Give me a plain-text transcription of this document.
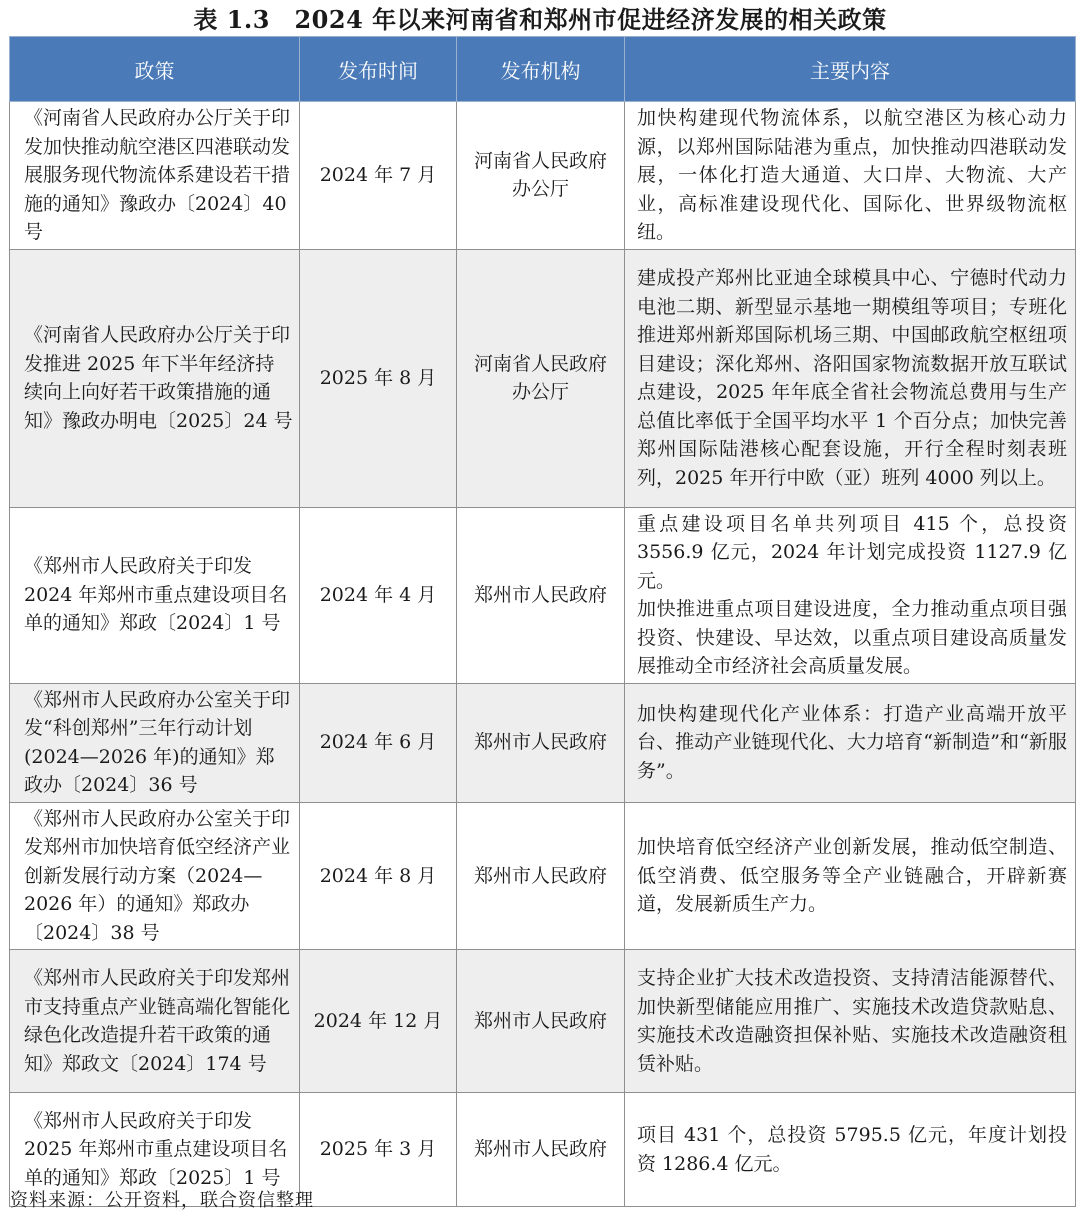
表 1.3　2024 年以来河南省和郑州市促进经济发展的相关政策
政策	发布时间	发布机构	主要内容
《河南省人民政府办公厅关于印发加快推动航空港区四港联动发展服务现代物流体系建设若干措施的通知》豫政办〔2024〕40 号	2024 年 7 月	河南省人民政府办公厅	加快构建现代物流体系，以航空港区为核心动力源，以郑州国际陆港为重点，加快推动四港联动发展，一体化打造大通道、大口岸、大物流、大产业，高标准建设现代化、国际化、世界级物流枢纽。

《河南省人民政府办公厅关于印发推进 2025 年下半年经济持续向上向好若干政策措施的通知》豫政办明电〔2025〕24 号	2025 年 8 月	河南省人民政府办公厅	建成投产郑州比亚迪全球模具中心、宁德时代动力电池二期、新型显示基地一期模组等项目；专班化推进郑州新郑国际机场三期、中国邮政航空枢纽项目建设；深化郑州、洛阳国家物流数据开放互联试点建设，2025 年年底全省社会物流总费用与生产总值比率低于全国平均水平 1 个百分点；加快完善郑州国际陆港核心配套设施，开行全程时刻表班列，2025 年开行中欧（亚）班列 4000 列以上。

《郑州市人民政府关于印发 2024 年郑州市重点建设项目名单的通知》郑政〔2024〕1 号	2024 年 4 月	郑州市人民政府	重点建设项目名单共列项目 415 个，总投资 3556.9 亿元，2024 年计划完成投资 1127.9 亿元。
加快推进重点项目建设进度，全力推动重点项目强投资、快建设、早达效，以重点项目建设高质量发展推动全市经济社会高质量发展。

《郑州市人民政府办公室关于印发“科创郑州”三年行动计划(2024—2026 年)的通知》郑政办〔2024〕36 号	2024 年 6 月	郑州市人民政府	加快构建现代化产业体系：打造产业高端开放平台、推动产业链现代化、大力培育“新制造”和“新服务”。

《郑州市人民政府办公室关于印发郑州市加快培育低空经济产业创新发展行动方案（2024—2026 年）的通知》郑政办〔2024〕38 号	2024 年 8 月	郑州市人民政府	加快培育低空经济产业创新发展，推动低空制造、低空消费、低空服务等全产业链融合，开辟新赛道，发展新质生产力。

《郑州市人民政府关于印发郑州市支持重点产业链高端化智能化绿色化改造提升若干政策的通知》郑政文〔2024〕174 号	2024 年 12 月	郑州市人民政府	支持企业扩大技术改造投资、支持清洁能源替代、加快新型储能应用推广、实施技术改造贷款贴息、实施技术改造融资担保补贴、实施技术改造融资租赁补贴。

《郑州市人民政府关于印发 2025 年郑州市重点建设项目名单的通知》郑政〔2025〕1 号	2025 年 3 月	郑州市人民政府	项目 431 个，总投资 5795.5 亿元，年度计划投资 1286.4 亿元。
资料来源：公开资料，联合资信整理
